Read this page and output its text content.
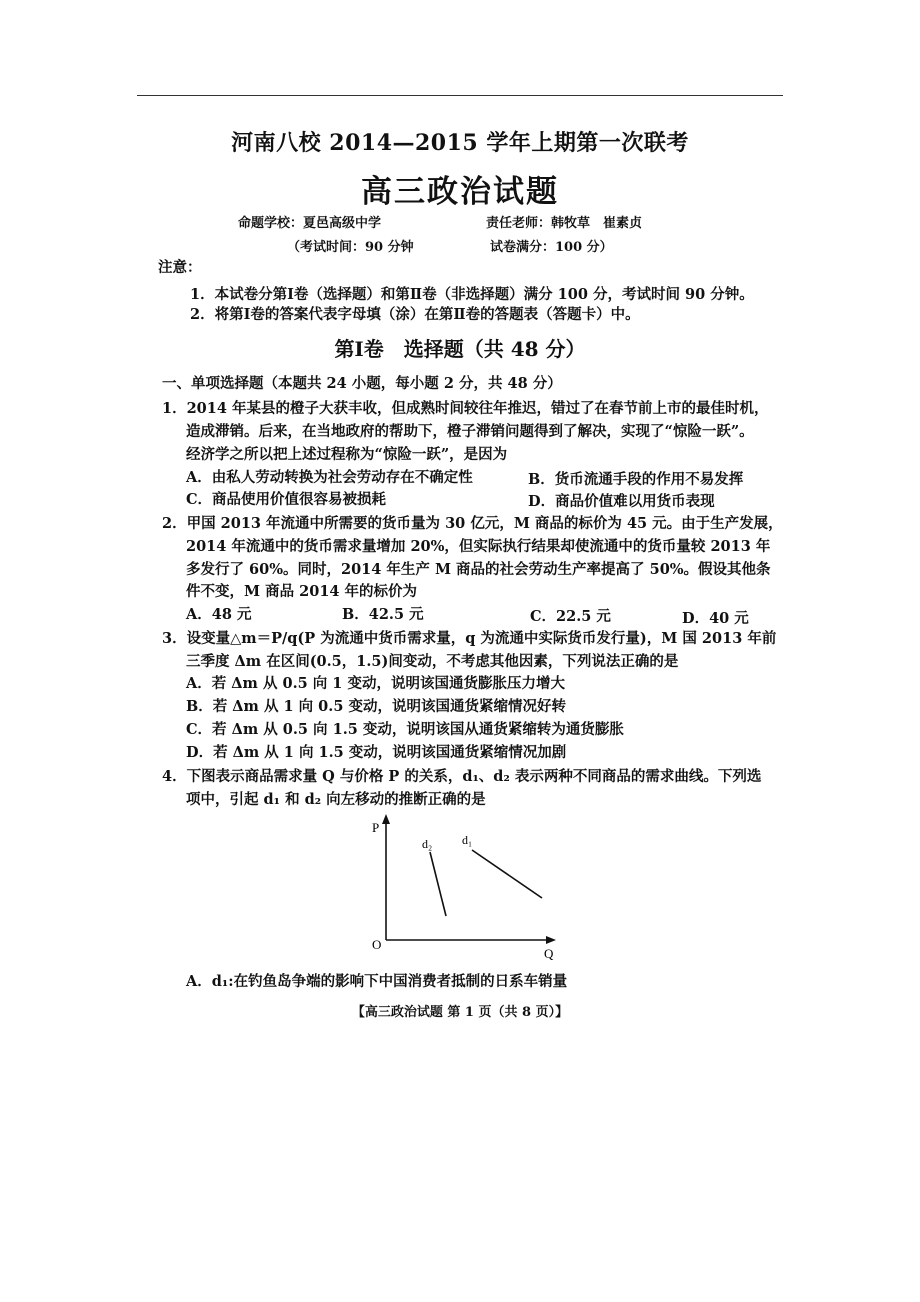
河南八校 2014—2015 学年上期第一次联考
高三政治试题
命题学校：夏邑高级中学	责任老师：韩牧草　崔素贞
（考试时间：90 分钟	试卷满分：100 分）
注意：
1．本试卷分第Ⅰ卷（选择题）和第Ⅱ卷（非选择题）满分 100 分，考试时间 90 分钟。
2．将第Ⅰ卷的答案代表字母填（涂）在第Ⅱ卷的答题表（答题卡）中。
第Ⅰ卷　选择题（共 48 分）
一、单项选择题（本题共 24 小题，每小题 2 分，共 48 分）
1．2014 年某县的橙子大获丰收，但成熟时间较往年推迟，错过了在春节前上市的最佳时机，
造成滞销。后来，在当地政府的帮助下，橙子滞销问题得到了解决，实现了“惊险一跃”。
经济学之所以把上述过程称为“惊险一跃”，是因为
A．由私人劳动转换为社会劳动存在不确定性	B．货币流通手段的作用不易发挥
C．商品使用价值很容易被损耗	D．商品价值难以用货币表现
2．甲国 2013 年流通中所需要的货币量为 30 亿元，M 商品的标价为 45 元。由于生产发展，
2014 年流通中的货币需求量增加 20%，但实际执行结果却使流通中的货币量较 2013 年
多发行了 60%。同时，2014 年生产 M 商品的社会劳动生产率提高了 50%。假设其他条
件不变，M 商品 2014 年的标价为
A．48 元	B．42.5 元	C．22.5 元	D．40 元
3．设变量△m＝P/q(P 为流通中货币需求量，q 为流通中实际货币发行量)，M 国 2013 年前
三季度 Δm 在区间(0.5，1.5)间变动，不考虑其他因素，下列说法正确的是
A．若 Δm 从 0.5 向 1 变动，说明该国通货膨胀压力增大
B．若 Δm 从 1 向 0.5 变动，说明该国通货紧缩情况好转
C．若 Δm 从 0.5 向 1.5 变动，说明该国从通货紧缩转为通货膨胀
D．若 Δm 从 1 向 1.5 变动，说明该国通货紧缩情况加剧
4．下图表示商品需求量 Q 与价格 P 的关系，d₁、d₂ 表示两种不同商品的需求曲线。下列选
项中，引起 d₁ 和 d₂ 向左移动的推断正确的是
P
O
Q
d₂ d₁
A．d₁:在钓鱼岛争端的影响下中国消费者抵制的日系车销量
【高三政治试题 第 1 页（共 8 页）】
